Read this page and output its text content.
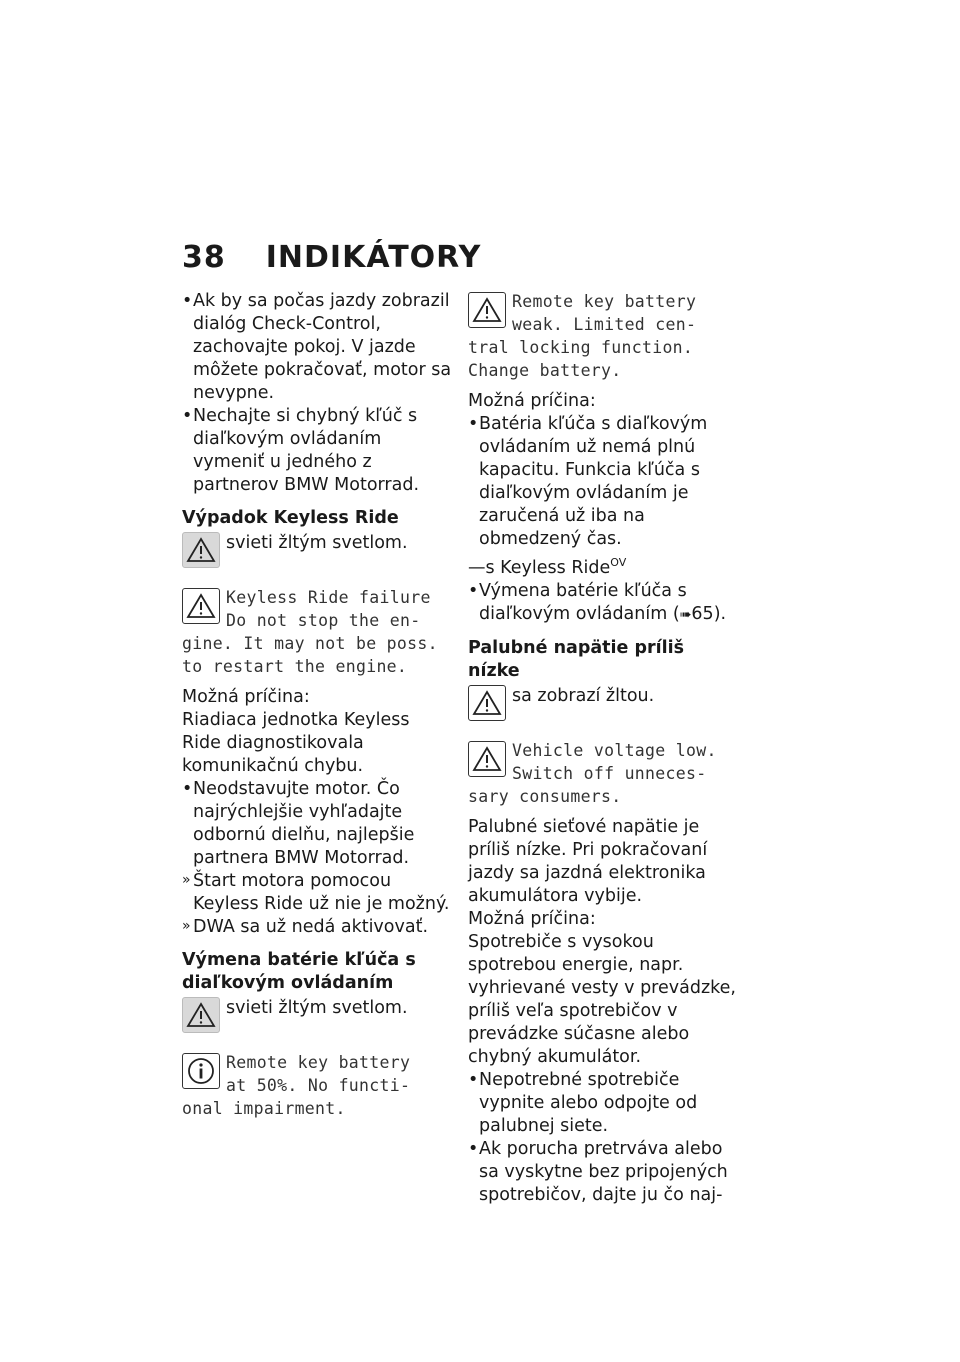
38 INDIKÁTORY

• Ak by sa počas jazdy zobrazil dialóg Check-Control, zachovajte pokoj. V jazde môžete pokračovať, motor sa nevypne.

• Nechajte si chybný kľúč s diaľkovým ovládaním vymeniť u jedného z partnerov BMW Motorrad.

Výpadok Keyless Ride

svieti žltým svetlom.

Keyless Ride failure
Do not stop the en-
gine. It may not be poss.
to restart the engine.

Možná príčina:

Riadiaca jednotka Keyless Ride diagnostikovala komunikačnú chybu.

• Neodstavujte motor. Čo najrýchlejšie vyhľadajte odbornú dielňu, najlepšie partnera BMW Motorrad.

» Štart motora pomocou Keyless Ride už nie je možný.

» DWA sa už nedá aktivovať.

Výmena batérie kľúča s diaľkovým ovládaním

svieti žltým svetlom.

Remote key battery
at 50%. No functi-
onal impairment.
Remote key battery
weak. Limited cen-
tral locking function.
Change battery.

Možná príčina:

• Batéria kľúča s diaľkovým ovládaním už nemá plnú kapacitu. Funkcia kľúča s diaľkovým ovládaním je zaručená už iba na obmedzený čas.

—s Keyless Ride$^{OV}$

• Výmena batérie kľúča s diaľkovým ovládaním (➠65).

Palubné napätie príliš nízke

sa zobrazí žltou.

Vehicle voltage low.
Switch off unneces-
sary consumers.

Palubné sieťové napätie je príliš nízke. Pri pokračovaní jazdy sa jazdná elektronika akumulátora vybije.

Možná príčina:

Spotrebiče s vysokou spotrebou energie, napr. vyhrievané vesty v prevádzke, príliš veľa spotrebičov v prevádzke súčasne alebo chybný akumulátor.

• Nepotrebné spotrebiče vypnite alebo odpojte od palubnej siete.

• Ak porucha pretrváva alebo sa vyskytne bez pripojených spotrebičov, dajte ju čo naj-
